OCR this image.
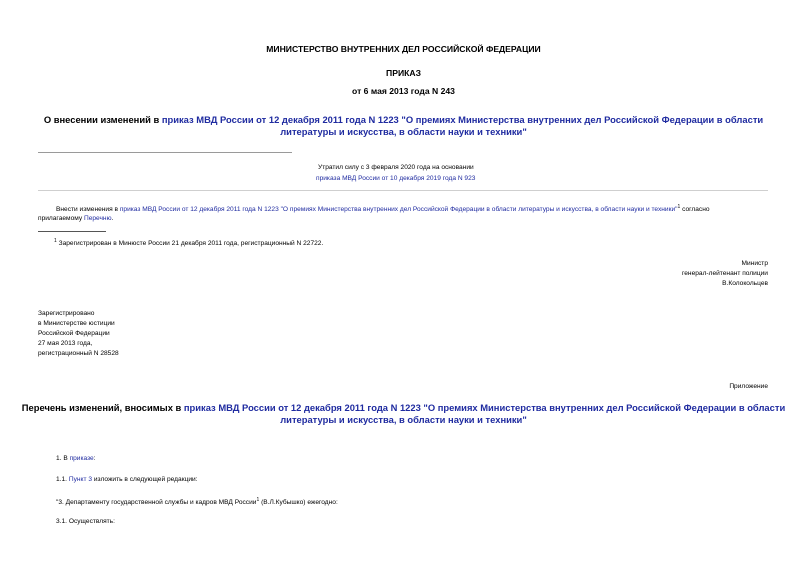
МИНИСТЕРСТВО ВНУТРЕННИХ ДЕЛ РОССИЙСКОЙ ФЕДЕРАЦИИ
ПРИКАЗ
от 6 мая 2013 года N 243
О внесении изменений в приказ МВД России от 12 декабря 2011 года N 1223 "О премиях Министерства внутренних дел Российской Федерации в области
литературы и искусства, в области науки и техники"
Утратил силу с 3 февраля 2020 года на основании
приказа МВД России от 10 декабря 2019 года N 923
Внести изменения в приказ МВД России от 12 декабря 2011 года N 1223 "О премиях Министерства внутренних дел Российской Федерации в области литературы и искусства, в области науки и техники"$^1$ согласно
прилагаемому Перечню.
$^1$ Зарегистрирован в Минюсте России 21 декабря 2011 года, регистрационный N 22722.
Министр
генерал-лейтенант полиции
В.Колокольцев
Зарегистрировано
в Министерстве юстиции
Российской Федерации
27 мая 2013 года,
регистрационный N 28528
Приложение
Перечень изменений, вносимых в приказ МВД России от 12 декабря 2011 года N 1223 "О премиях Министерства внутренних дел Российской Федерации в области
литературы и искусства, в области науки и техники"
1. В приказе:
1.1. Пункт 3 изложить в следующей редакции:
"3. Департаменту государственной службы и кадров МВД России$^1$ (В.Л.Кубышко) ежегодно:
3.1. Осуществлять:
